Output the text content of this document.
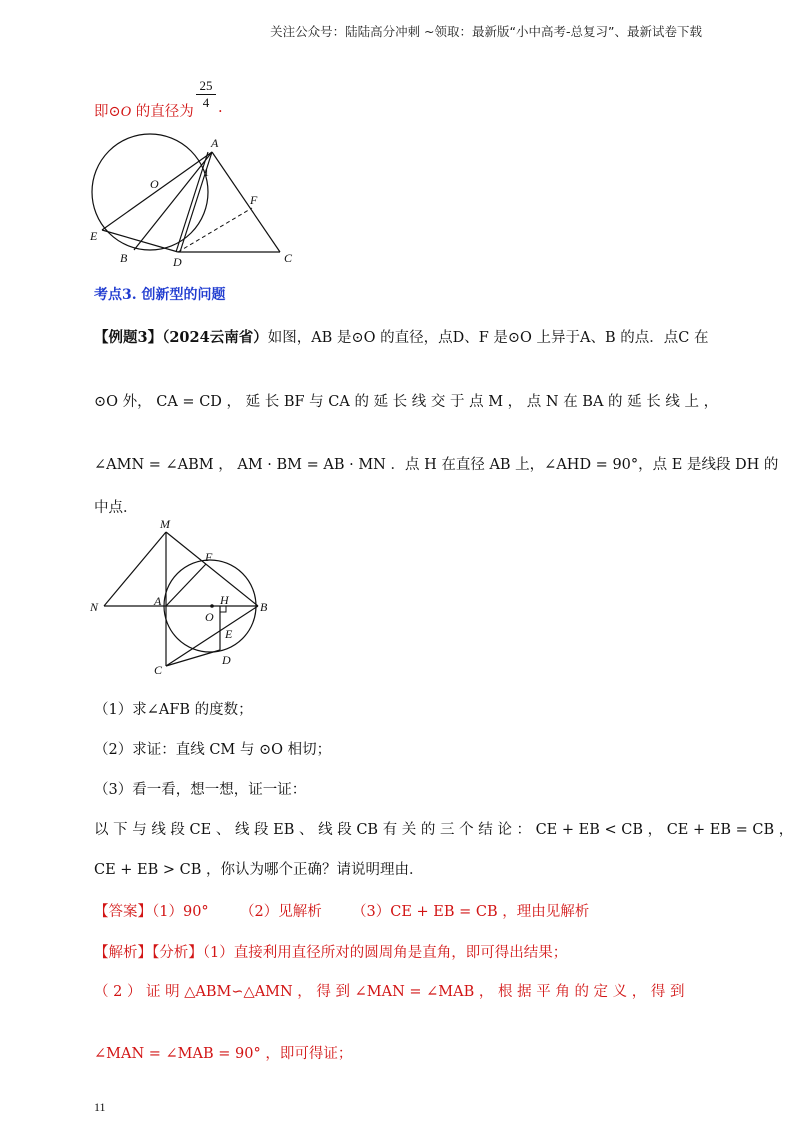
关注公众号：陆陆高分冲刺 ~领取：最新版“小中高考-总复习”、最新试卷下载
即⊙O 的直径为
$\frac{25}{4}$ .
A
O
1
F
E
B	D	C
考点3. 创新型的问题
【例题3】（2024云南省）如图，AB 是⊙O 的直径，点D、F 是⊙O 上异于A、B 的点．点C 在
⊙O 外， CA = CD ， 延 长 BF 与 CA 的 延 长 线 交 于 点 M ， 点 N 在 BA 的 延 长 线 上 ，
∠AMN = ∠ABM ， AM · BM = AB · MN ．点 H 在直径 AB 上，∠AHD = 90°，点 E 是线段 DH 的
中点．
M
F
N	A	H	B
O
E
C
D
（1）求∠AFB 的度数；
（2）求证：直线 CM 与 ⊙O 相切；
（3）看一看，想一想，证一证：
以 下 与 线 段 CE 、 线 段 EB 、 线 段 CB 有 关 的 三 个 结 论 ： CE + EB < CB ， CE + EB = CB ，
CE + EB > CB ，你认为哪个正确？请说明理由．
【答案】（1）90° （2）见解析 （3）CE + EB = CB ，理由见解析
【解析】【分析】（1）直接利用直径所对的圆周角是直角，即可得出结果；
（ 2 ） 证 明 △ABM∽△AMN ， 得 到 ∠MAN = ∠MAB ， 根 据 平 角 的 定 义 ， 得 到
∠MAN = ∠MAB = 90° ，即可得证；
11
